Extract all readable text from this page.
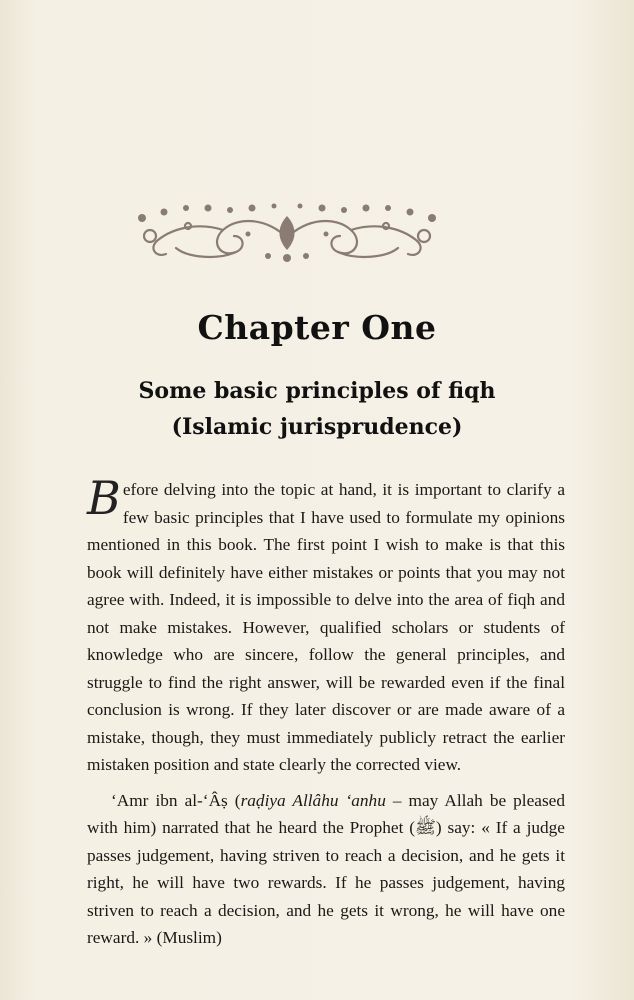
Chapter One
Some basic principles of fiqh
(Islamic jurisprudence)

Before delving into the topic at hand, it is important to clarify a few basic principles that I have used to formulate my opinions mentioned in this book. The first point I wish to make is that this book will definitely have either mistakes or points that you may not agree with. Indeed, it is impossible to delve into the area of fiqh and not make mistakes. However, qualified scholars or students of knowledge who are sincere, follow the general principles, and struggle to find the right answer, will be rewarded even if the final conclusion is wrong. If they later discover or are made aware of a mistake, though, they must immediately publicly retract the earlier mistaken position and state clearly the corrected view.

‘Amr ibn al-‘Âṣ (raḍiya Allâhu ‘anhu – may Allah be pleased with him) narrated that he heard the Prophet (ﷺ) say: « If a judge passes judgement, having striven to reach a decision, and he gets it right, he will have two rewards. If he passes judgement, having striven to reach a decision, and he gets it wrong, he will have one reward. » (Muslim)
